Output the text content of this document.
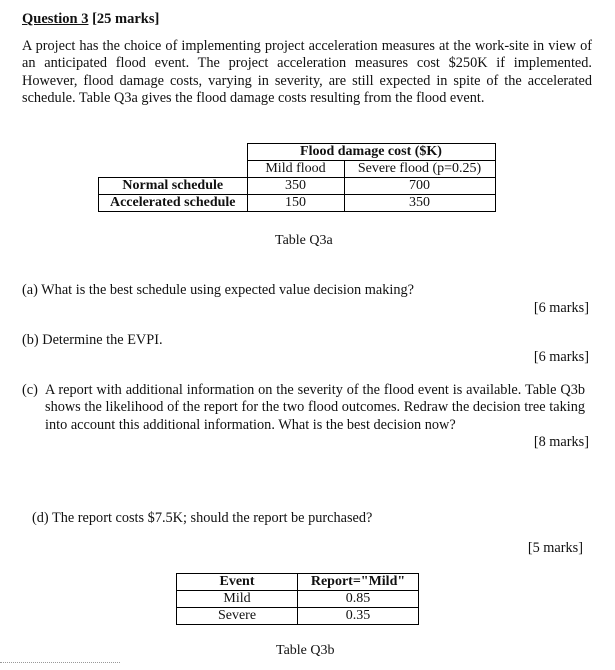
Question 3 [25 marks]
A project has the choice of implementing project acceleration measures at the work-site in view of an anticipated flood event. The project acceleration measures cost $250K if implemented. However, flood damage costs, varying in severity, are still expected in spite of the accelerated schedule. Table Q3a gives the flood damage costs resulting from the flood event.
	Flood damage cost ($K)	
	Mild flood	Severe flood (p=0.25)
Normal schedule	350	700
Accelerated schedule	150	350
Table Q3a
(a) What is the best schedule using expected value decision making?
[6 marks]
(b) Determine the EVPI.
[6 marks]
(c) A report with additional information on the severity of the flood event is available. Table Q3b shows the likelihood of the report for the two flood outcomes. Redraw the decision tree taking into account this additional information. What is the best decision now?
[8 marks]
(d) The report costs $7.5K; should the report be purchased?
[5 marks]
Event	Report="Mild"
Mild	0.85
Severe	0.35
Table Q3b
